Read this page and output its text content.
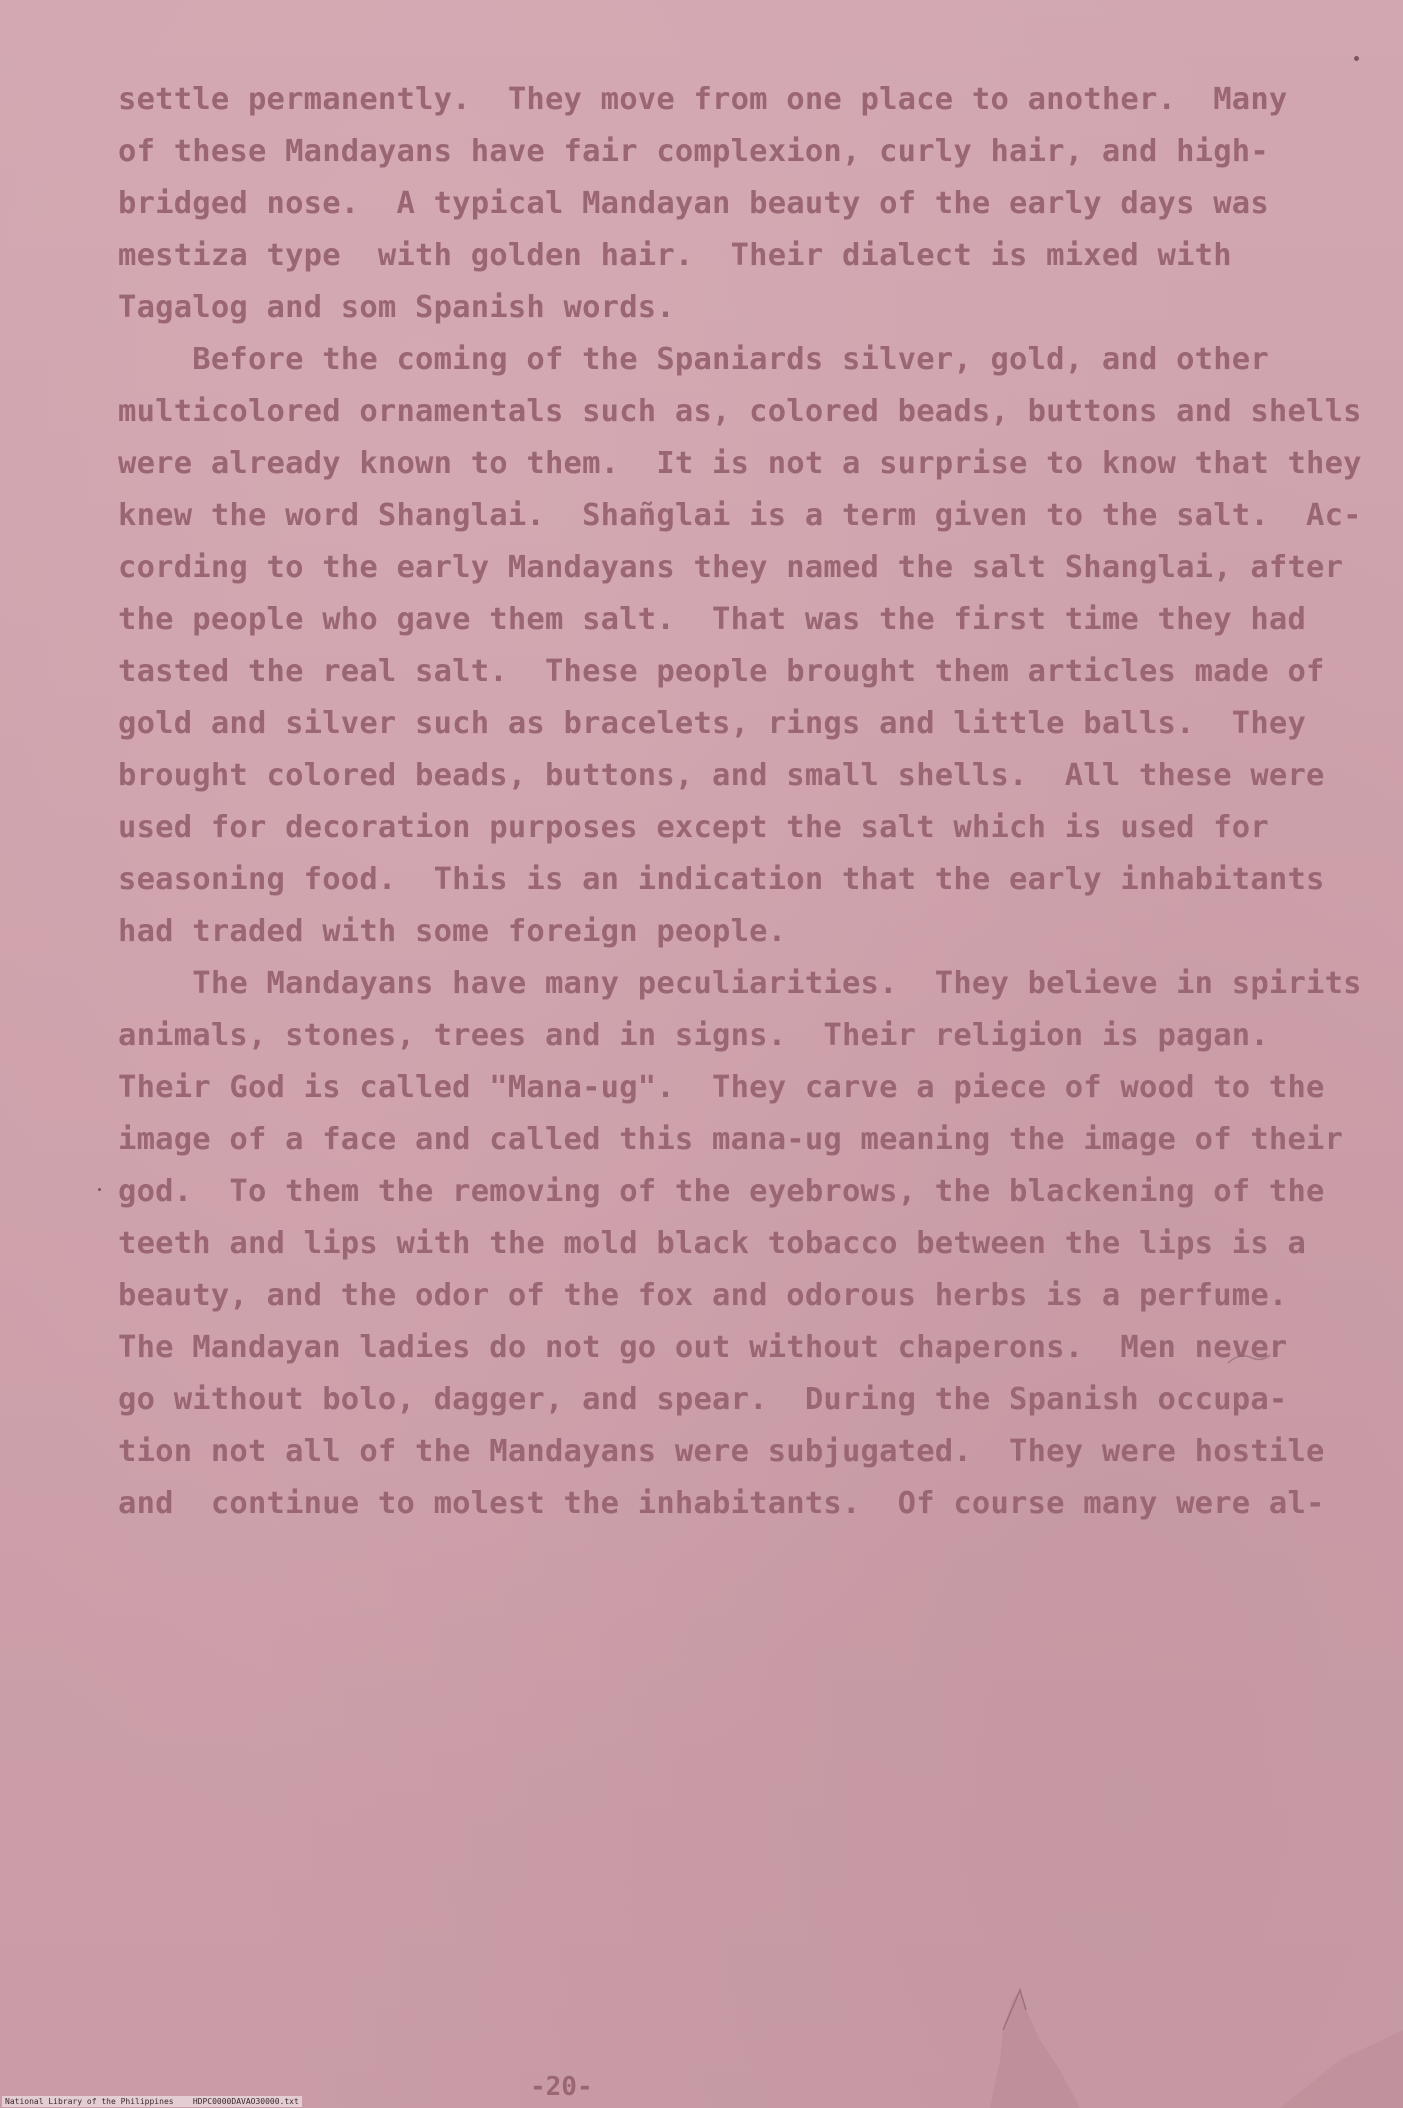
settle permanently.  They move from one place to another.  Many
of these Mandayans have fair complexion, curly hair, and high-
bridged nose.  A typical Mandayan beauty of the early days was
mestiza type  with golden hair.  Their dialect is mixed with
Tagalog and som Spanish words.
Before the coming of the Spaniards silver, gold, and other
multicolored ornamentals such as, colored beads, buttons and shells
were already known to them.  It is not a surprise to know that they
knew the word Shanglai.  Shañglai is a term given to the salt.  Ac-
cording to the early Mandayans they named the salt Shanglai, after
the people who gave them salt.  That was the first time they had
tasted the real salt.  These people brought them articles made of
gold and silver such as bracelets, rings and little balls.  They
brought colored beads, buttons, and small shells.  All these were
used for decoration purposes except the salt which is used for
seasoning food.  This is an indication that the early inhabitants
had traded with some foreign people.
The Mandayans have many peculiarities.  They believe in spirits
animals, stones, trees and in signs.  Their religion is pagan.
Their God is called "Mana-ug".  They carve a piece of wood to the
image of a face and called this mana-ug meaning the image of their
god.  To them the removing of the eyebrows, the blackening of the
teeth and lips with the mold black tobacco between the lips is a
beauty, and the odor of the fox and odorous herbs is a perfume.
The Mandayan ladies do not go out without chaperons.  Men never
go without bolo, dagger, and spear.  During the Spanish occupa-
tion not all of the Mandayans were subjugated.  They were hostile
and  continue to molest the inhabitants.  Of course many were al-
-20-
National Library of the Philippines    HDPC0000DAVAO30000.txt
